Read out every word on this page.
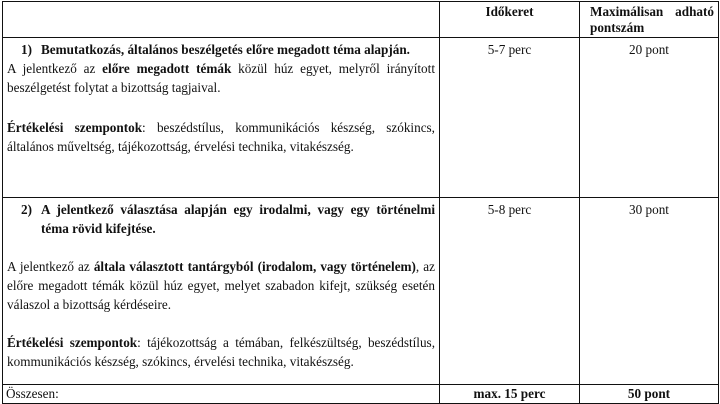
	Időkeret	Maximálisan adható
pontszám

1) Bemutatkozás, általános beszélgetés előre megadott téma alapján.

A jelentkező az előre megadott témák közül húz egyet, melyről irányított beszélgetést folytat a bizottság tagjaival.

Értékelési szempontok: beszédstílus, kommunikációs készség, szókincs, általános műveltség, tájékozottság, érvelési technika, vitakészség.	5-7 perc	20 pont

2) A jelentkező választása alapján egy irodalmi, vagy egy történelmi téma rövid kifejtése.

A jelentkező az általa választott tantárgyból (irodalom, vagy történelem), az előre megadott témák közül húz egyet, melyet szabadon kifejt, szükség esetén válaszol a bizottság kérdéseire.

Értékelési szempontok: tájékozottság a témában, felkészültség, beszédstílus, kommunikációs készség, szókincs, érvelési technika, vitakészség.	5-8 perc	30 pont
Összesen:	max. 15 perc	50 pont
